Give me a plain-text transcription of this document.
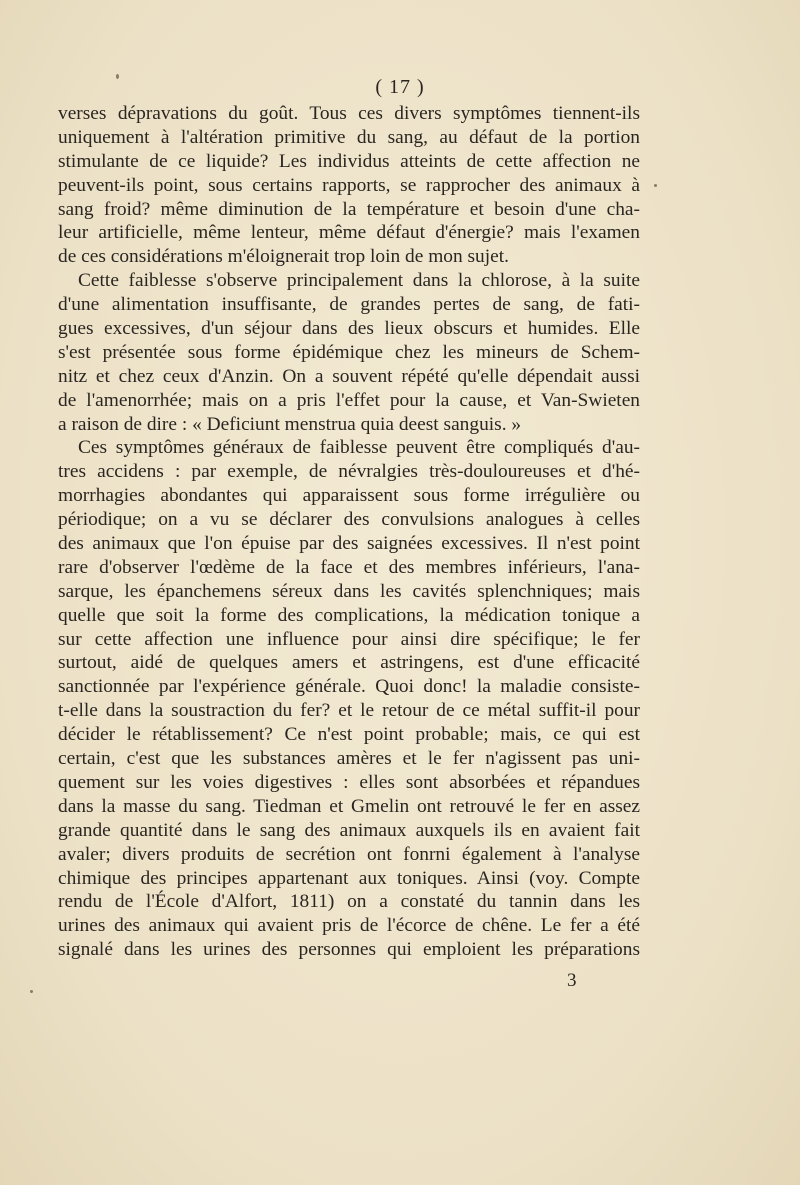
( 17 )
verses dépravations du goût. Tous ces divers symptômes tiennent-ils
uniquement à l'altération primitive du sang, au défaut de la portion
stimulante de ce liquide? Les individus atteints de cette affection ne
peuvent-ils point, sous certains rapports, se rapprocher des animaux à
sang froid? même diminution de la température et besoin d'une cha-
leur artificielle, même lenteur, même défaut d'énergie? mais l'examen
de ces considérations m'éloignerait trop loin de mon sujet.
Cette faiblesse s'observe principalement dans la chlorose, à la suite
d'une alimentation insuffisante, de grandes pertes de sang, de fati-
gues excessives, d'un séjour dans des lieux obscurs et humides. Elle
s'est présentée sous forme épidémique chez les mineurs de Schem-
nitz et chez ceux d'Anzin. On a souvent répété qu'elle dépendait aussi
de l'amenorrhée; mais on a pris l'effet pour la cause, et Van-Swieten
a raison de dire : « Deficiunt menstrua quia deest sanguis. »
Ces symptômes généraux de faiblesse peuvent être compliqués d'au-
tres accidens : par exemple, de névralgies très-douloureuses et d'hé-
morrhagies abondantes qui apparaissent sous forme irrégulière ou
périodique; on a vu se déclarer des convulsions analogues à celles
des animaux que l'on épuise par des saignées excessives. Il n'est point
rare d'observer l'œdème de la face et des membres inférieurs, l'ana-
sarque, les épanchemens séreux dans les cavités splenchniques; mais
quelle que soit la forme des complications, la médication tonique a
sur cette affection une influence pour ainsi dire spécifique; le fer
surtout, aidé de quelques amers et astringens, est d'une efficacité
sanctionnée par l'expérience générale. Quoi donc! la maladie consiste-
t-elle dans la soustraction du fer? et le retour de ce métal suffit-il pour
décider le rétablissement? Ce n'est point probable; mais, ce qui est
certain, c'est que les substances amères et le fer n'agissent pas uni-
quement sur les voies digestives : elles sont absorbées et répandues
dans la masse du sang. Tiedman et Gmelin ont retrouvé le fer en assez
grande quantité dans le sang des animaux auxquels ils en avaient fait
avaler; divers produits de secrétion ont fonrni également à l'analyse
chimique des principes appartenant aux toniques. Ainsi (voy. Compte
rendu de l'École d'Alfort, 1811) on a constaté du tannin dans les
urines des animaux qui avaient pris de l'écorce de chêne. Le fer a été
signalé dans les urines des personnes qui emploient les préparations
3
